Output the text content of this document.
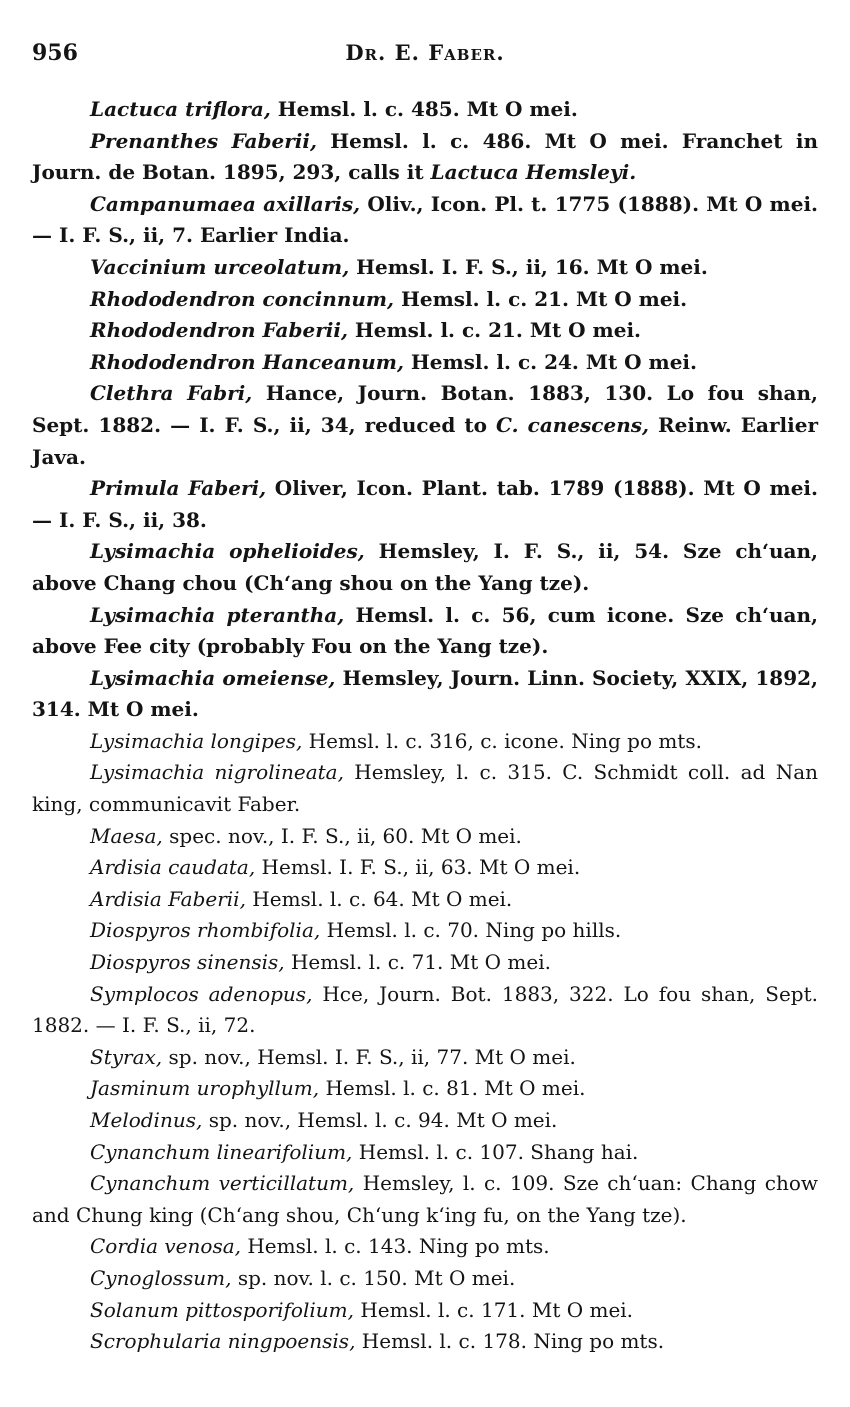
956	Dr. E. Faber.

Lactuca triflora, Hemsl. l. c. 485. Mt O mei.

Prenanthes Faberii, Hemsl. l. c. 486. Mt O mei. Franchet in Journ. de Botan. 1895, 293, calls it Lactuca Hemsleyi.

Campanumaea axillaris, Oliv., Icon. Pl. t. 1775 (1888). Mt O mei. — I. F. S., ii, 7. Earlier India.

Vaccinium urceolatum, Hemsl. I. F. S., ii, 16. Mt O mei.

Rhododendron concinnum, Hemsl. l. c. 21. Mt O mei.

Rhododendron Faberii, Hemsl. l. c. 21. Mt O mei.

Rhododendron Hanceanum, Hemsl. l. c. 24. Mt O mei.

Clethra Fabri, Hance, Journ. Botan. 1883, 130. Lo fou shan, Sept. 1882. — I. F. S., ii, 34, reduced to C. canescens, Reinw. Earlier Java.

Primula Faberi, Oliver, Icon. Plant. tab. 1789 (1888). Mt O mei. — I. F. S., ii, 38.

Lysimachia ophelioides, Hemsley, I. F. S., ii, 54. Sze chʻuan, above Chang chou (Chʻang shou on the Yang tze).

Lysimachia pterantha, Hemsl. l. c. 56, cum icone. Sze chʻuan, above Fee city (probably Fou on the Yang tze).

Lysimachia omeiense, Hemsley, Journ. Linn. Society, XXIX, 1892, 314. Mt O mei.

Lysimachia longipes, Hemsl. l. c. 316, c. icone. Ning po mts.

Lysimachia nigrolineata, Hemsley, l. c. 315. C. Schmidt coll. ad Nan king, communicavit Faber.

Maesa, spec. nov., I. F. S., ii, 60. Mt O mei.

Ardisia caudata, Hemsl. I. F. S., ii, 63. Mt O mei.

Ardisia Faberii, Hemsl. l. c. 64. Mt O mei.

Diospyros rhombifolia, Hemsl. l. c. 70. Ning po hills.

Diospyros sinensis, Hemsl. l. c. 71. Mt O mei.

Symplocos adenopus, Hce, Journ. Bot. 1883, 322. Lo fou shan, Sept. 1882. — I. F. S., ii, 72.

Styrax, sp. nov., Hemsl. I. F. S., ii, 77. Mt O mei.

Jasminum urophyllum, Hemsl. l. c. 81. Mt O mei.

Melodinus, sp. nov., Hemsl. l. c. 94. Mt O mei.

Cynanchum linearifolium, Hemsl. l. c. 107. Shang hai.

Cynanchum verticillatum, Hemsley, l. c. 109. Sze chʻuan: Chang chow and Chung king (Chʻang shou, Chʻung kʻing fu, on the Yang tze).

Cordia venosa, Hemsl. l. c. 143. Ning po mts.

Cynoglossum, sp. nov. l. c. 150. Mt O mei.

Solanum pittosporifolium, Hemsl. l. c. 171. Mt O mei.

Scrophularia ningpoensis, Hemsl. l. c. 178. Ning po mts.
